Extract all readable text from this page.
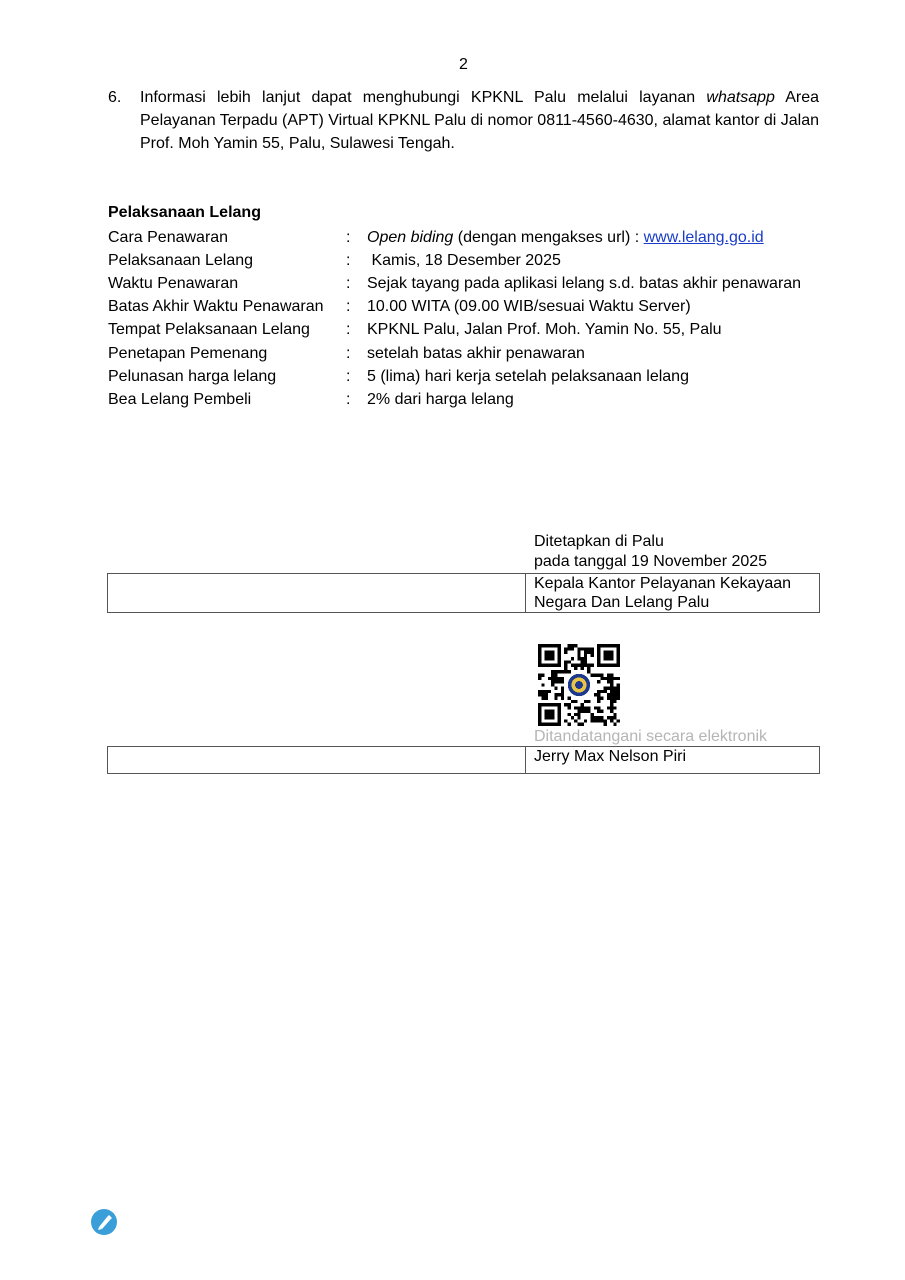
2
6. Informasi lebih lanjut dapat menghubungi KPKNL Palu melalui layanan whatsapp Area Pelayanan Terpadu (APT) Virtual KPKNL Palu di nomor 0811-4560-4630, alamat kantor di Jalan Prof. Moh Yamin 55, Palu, Sulawesi Tengah.
Pelaksanaan Lelang
Cara Penawaran	:	Open biding (dengan mengakses url) : www.lelang.go.id
Pelaksanaan Lelang	:	Kamis, 18 Desember 2025
Waktu Penawaran	:	Sejak tayang pada aplikasi lelang s.d. batas akhir penawaran
Batas Akhir Waktu Penawaran	:	10.00 WITA (09.00 WIB/sesuai Waktu Server)
Tempat Pelaksanaan Lelang	:	KPKNL Palu, Jalan Prof. Moh. Yamin No. 55, Palu
Penetapan Pemenang	:	setelah batas akhir penawaran
Pelunasan harga lelang	:	5 (lima) hari kerja setelah pelaksanaan lelang
Bea Lelang Pembeli	:	2% dari harga lelang
Ditetapkan di Palu
pada tanggal 19 November 2025
Kepala Kantor Pelayanan Kekayaan
Negara Dan Lelang Palu
Ditandatangani secara elektronik
Jerry Max Nelson Piri
